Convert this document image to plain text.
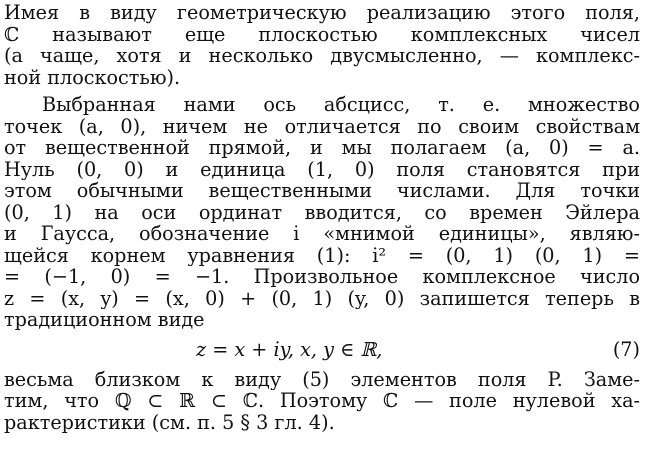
Имея в виду геометрическую реализацию этого поля,
ℂ называют еще плоскостью комплексных чисел
(а чаще, хотя и несколько двусмысленно, — комплекс-
ной плоскостью).
Выбранная нами ось абсцисс, т. е. множество
точек (a, 0), ничем не отличается по своим свойствам
от вещественной прямой, и мы полагаем (a, 0) = a.
Нуль (0, 0) и единица (1, 0) поля становятся при
этом обычными вещественными числами. Для точки
(0, 1) на оси ординат вводится, со времен Эйлера
и Гаусса, обозначение i «мнимой единицы», являю-
щейся корнем уравнения (1): i² = (0, 1) (0, 1) =
= (−1, 0) = −1. Произвольное комплексное число
z = (x, y) = (x, 0) + (0, 1) (y, 0) запишется теперь в
традиционном виде
z = x + iy, x, y ∈ ℝ,	(7)
весьма близком к виду (5) элементов поля P. Заме-
тим, что ℚ ⊂ ℝ ⊂ ℂ. Поэтому ℂ — поле нулевой ха-
рактеристики (см. п. 5 § 3 гл. 4).
